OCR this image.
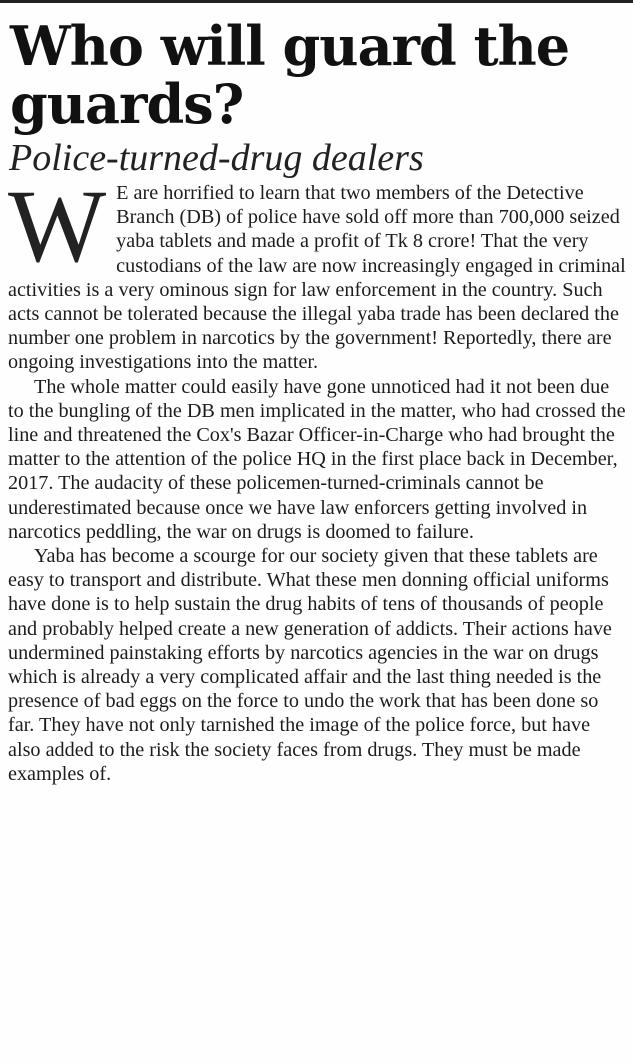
Who will guard the guards?
Police-turned-drug dealers

W E are horrified to learn that two members of the Detective Branch (DB) of police have sold off more than 700,000 seized yaba tablets and made a profit of Tk 8 crore! That the very custodians of the law are now increasingly engaged in criminal activities is a very ominous sign for law enforcement in the country. Such acts cannot be tolerated because the illegal yaba trade has been declared the number one problem in narcotics by the government! Reportedly, there are ongoing investigations into the matter.

The whole matter could easily have gone unnoticed had it not been due to the bungling of the DB men implicated in the matter, who had crossed the line and threatened the Cox's Bazar Officer-in-Charge who had brought the matter to the attention of the police HQ in the first place back in December, 2017. The audacity of these policemen-turned-criminals cannot be underestimated because once we have law enforcers getting involved in narcotics peddling, the war on drugs is doomed to failure.

Yaba has become a scourge for our society given that these tablets are easy to transport and distribute. What these men donning official uniforms have done is to help sustain the drug habits of tens of thousands of people and probably helped create a new generation of addicts. Their actions have undermined painstaking efforts by narcotics agencies in the war on drugs which is already a very complicated affair and the last thing needed is the presence of bad eggs on the force to undo the work that has been done so far. They have not only tarnished the image of the police force, but have also added to the risk the society faces from drugs. They must be made examples of.
